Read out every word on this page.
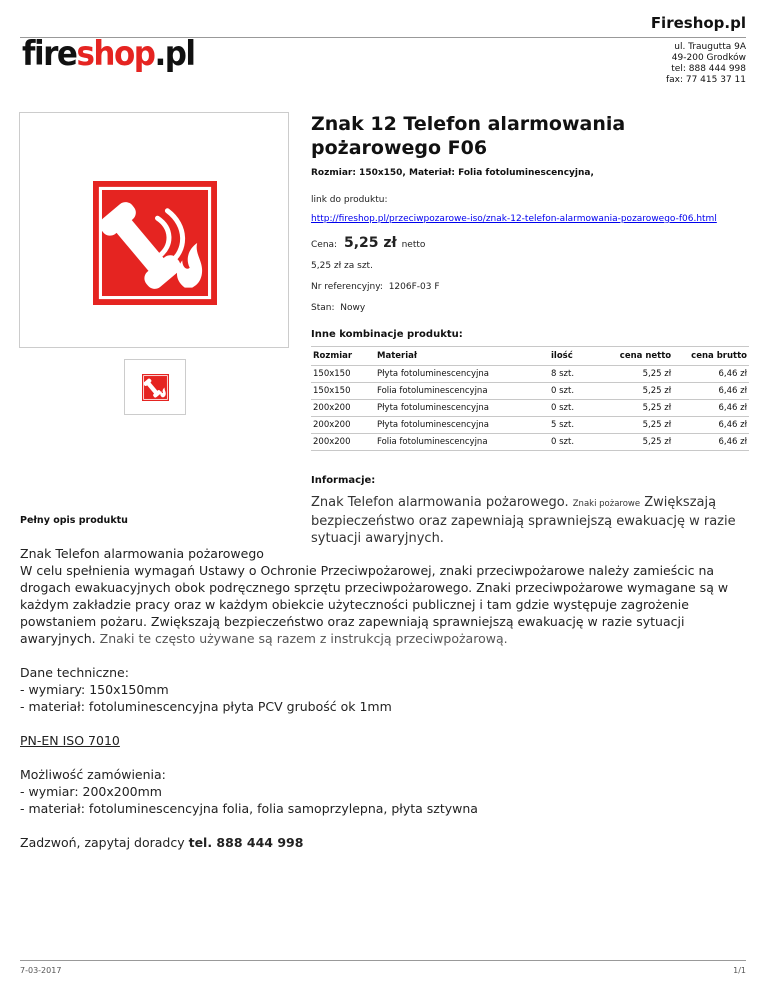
Fireshop.pl
fireshop.pl	ul. Traugutta 9A
49-200 Grodków
tel: 888 444 998
fax: 77 415 37 11
Znak 12 Telefon alarmowania pożarowego F06
Rozmiar: 150x150, Materiał: Folia fotoluminescencyjna,
link do produktu:
http://fireshop.pl/przeciwpozarowe-iso/znak-12-telefon-alarmowania-pozarowego-f06.html
Cena: 5,25 zł netto
5,25 zł za szt.
Nr referencyjny: 1206F-03 F
Stan: Nowy
Inne kombinacje produktu:
Rozmiar	Materiał	ilość	cena netto	cena brutto
150x150	Płyta fotoluminescencyjna	8 szt.	5,25 zł	6,46 zł
150x150	Folia fotoluminescencyjna	0 szt.	5,25 zł	6,46 zł
200x200	Płyta fotoluminescencyjna	0 szt.	5,25 zł	6,46 zł
200x200	Płyta fotoluminescencyjna	5 szt.	5,25 zł	6,46 zł
200x200	Folia fotoluminescencyjna	0 szt.	5,25 zł	6,46 zł
Informacje:
Znak Telefon alarmowania pożarowego. Znaki pożarowe Zwiększają bezpieczeństwo oraz zapewniają sprawniejszą ewakuację w razie sytuacji awaryjnych.
Pełny opis produktu

Znak Telefon alarmowania pożarowego
W celu spełnienia wymagań Ustawy o Ochronie Przeciwpożarowej, znaki przeciwpożarowe należy zamieścic na drogach ewakuacyjnych obok podręcznego sprzętu przeciwpożarowego. Znaki przeciwpożarowe wymagane są w każdym zakładzie pracy oraz w każdym obiekcie użyteczności publicznej i tam gdzie występuje zagrożenie powstaniem pożaru. Zwiększają bezpieczeństwo oraz zapewniają sprawniejszą ewakuację w razie sytuacji awaryjnych. Znaki te często używane są razem z instrukcją przeciwpożarową.

Dane techniczne:
- wymiary: 150x150mm
- materiał: fotoluminescencyjna płyta PCV grubość ok 1mm

PN-EN ISO 7010

Możliwość zamówienia:
- wymiar: 200x200mm
- materiał: fotoluminescencyjna folia, folia samoprzylepna, płyta sztywna

Zadzwoń, zapytaj doradcy tel. 888 444 998

7-03-2017	1/1
